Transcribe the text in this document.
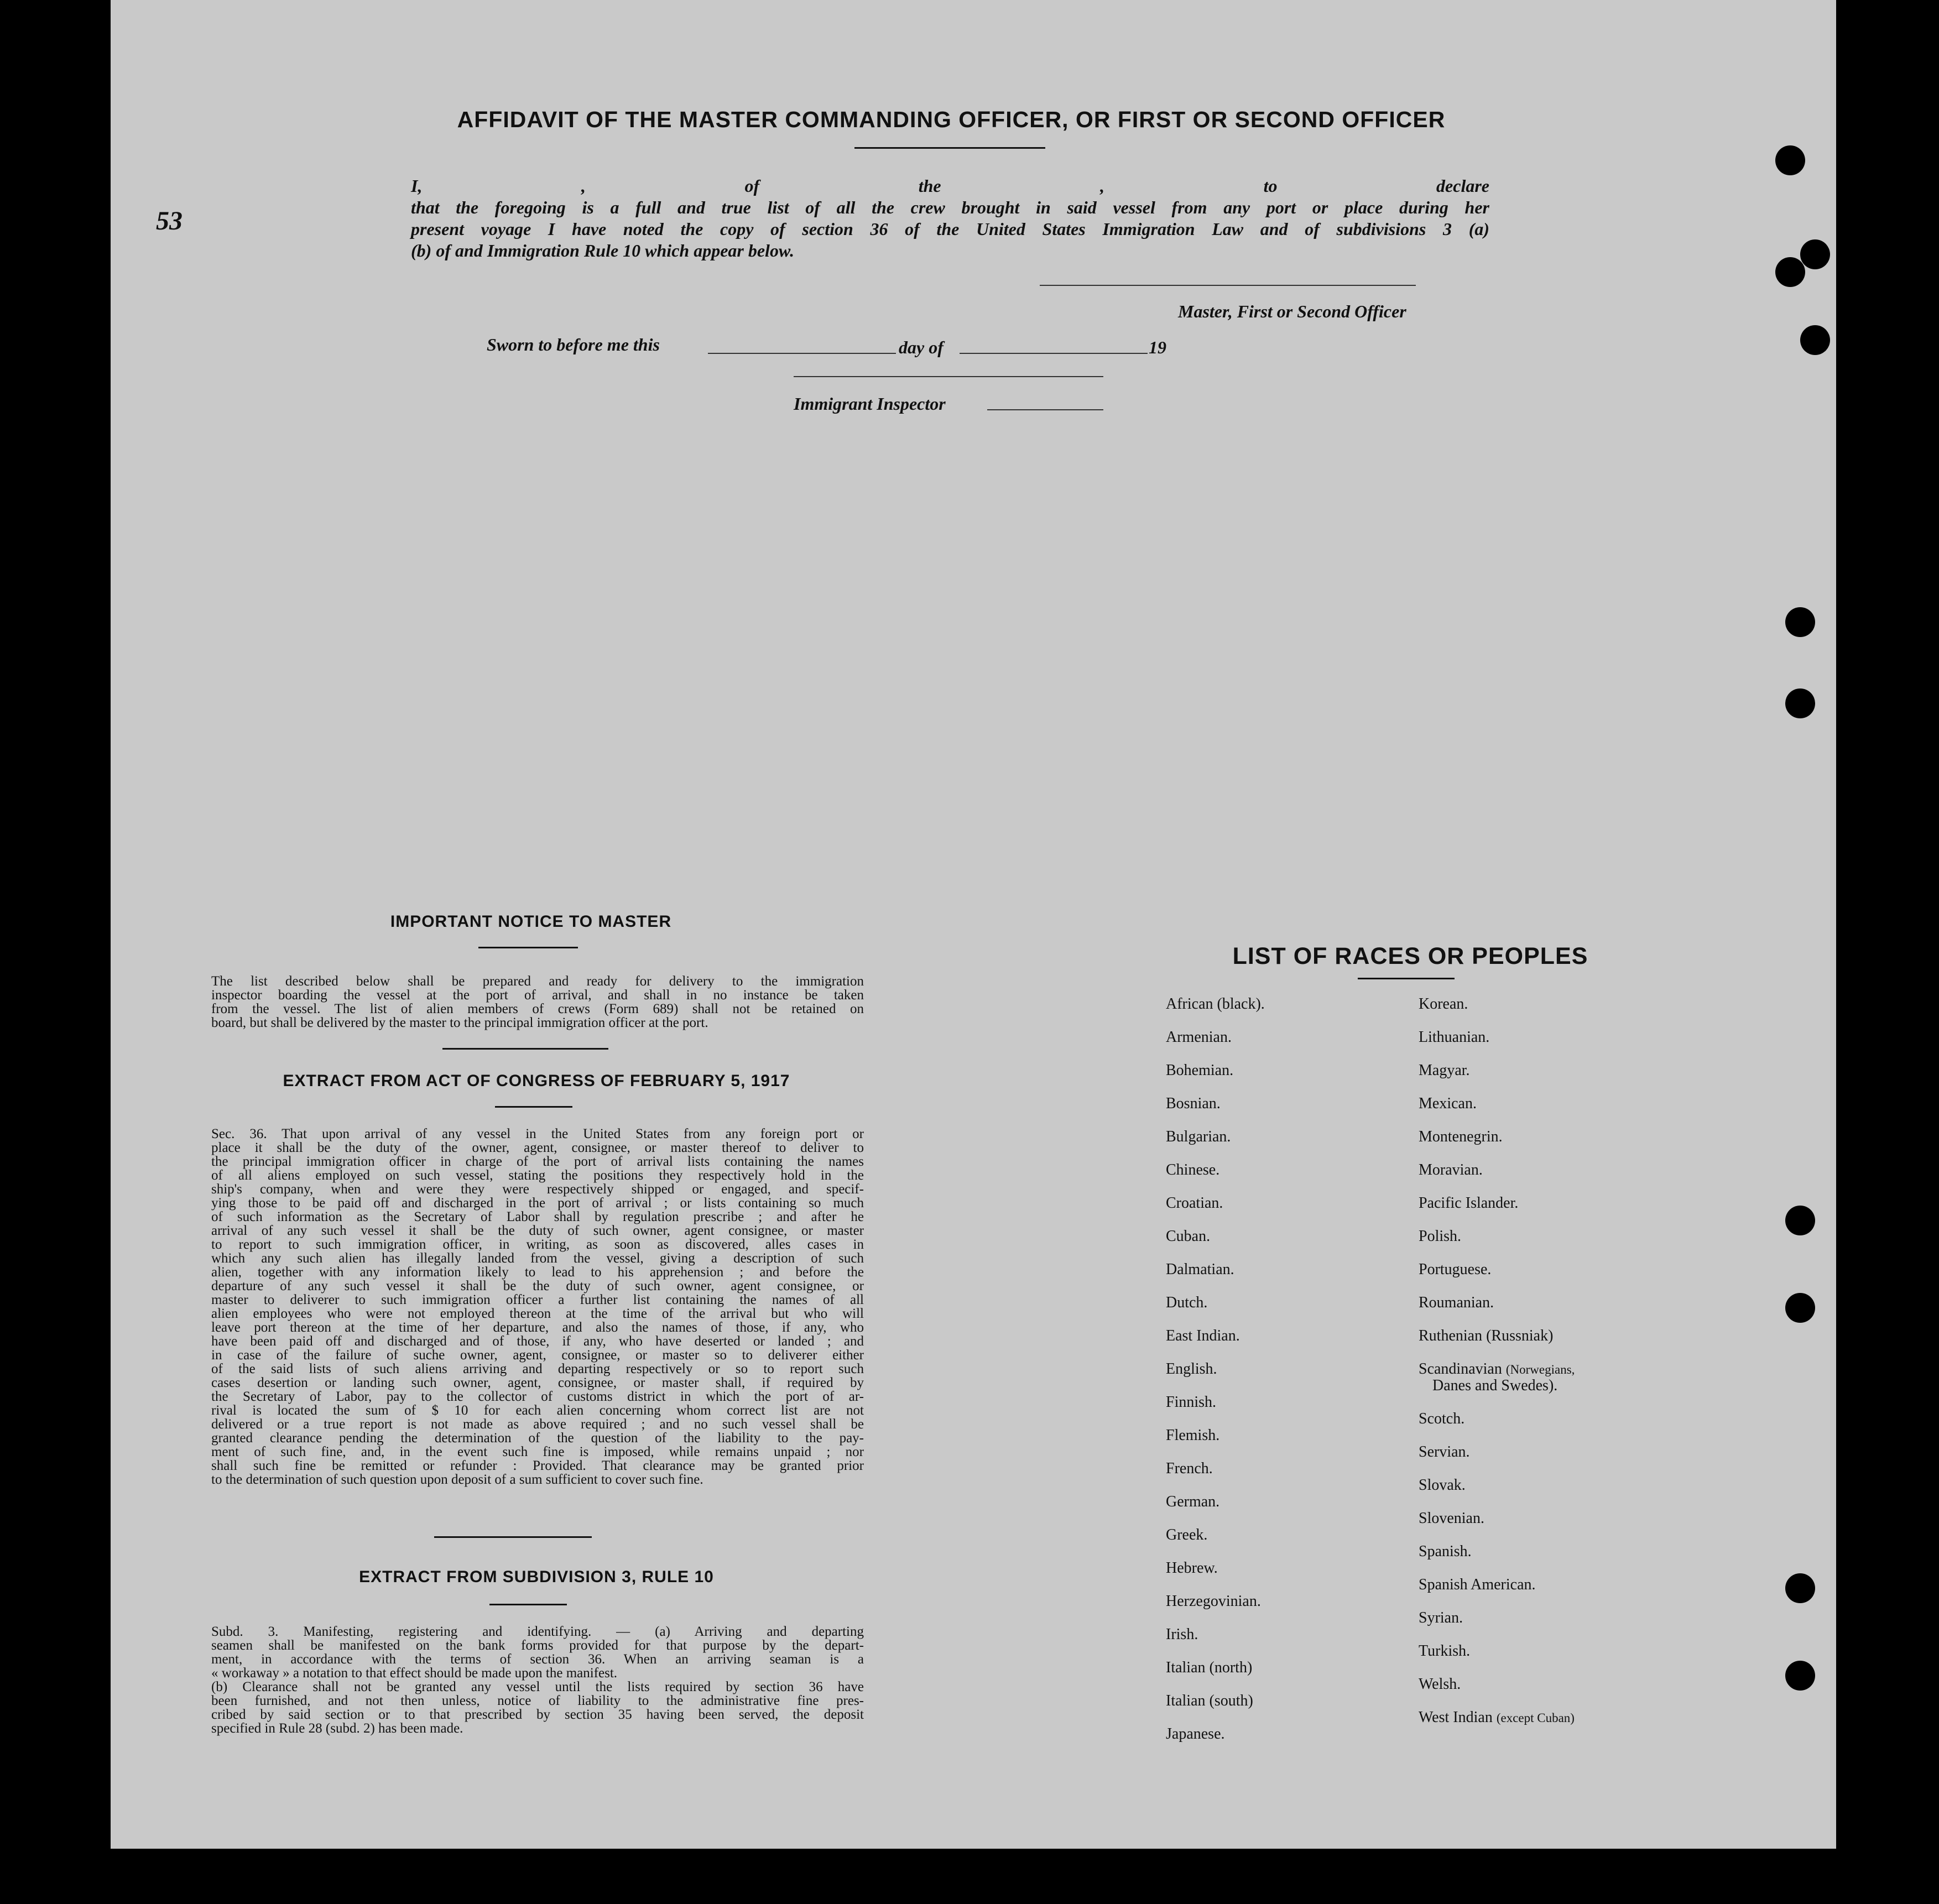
AFFIDAVIT OF THE MASTER COMMANDING OFFICER, OR FIRST OR SECOND OFFICER
53
I, , of the , to declare
that the foregoing is a full and true list of all the crew brought in said vessel from any port or place during her
present voyage I have noted the copy of section 36 of the United States Immigration Law and of subdivisions 3 (a)
(b) of and Immigration Rule 10 which appear below.
Master, First or Second Officer
Sworn to before me this	day of	19
Immigrant Inspector
IMPORTANT NOTICE TO MASTER

The list described below shall be prepared and ready for delivery to the immigration

inspector boarding the vessel at the port of arrival, and shall in no instance be taken

from the vessel. The list of alien members of crews (Form 689) shall not be retained on

board, but shall be delivered by the master to the principal immigration officer at the port.

EXTRACT FROM ACT OF CONGRESS OF FEBRUARY 5, 1917

Sec. 36. That upon arrival of any vessel in the United States from any foreign port or

place it shall be the duty of the owner, agent, consignee, or master thereof to deliver to

the principal immigration officer in charge of the port of arrival lists containing the names

of all aliens employed on such vessel, stating the positions they respectively hold in the

ship's company, when and were they were respectively shipped or engaged, and specif-

ying those to be paid off and discharged in the port of arrival ; or lists containing so much

of such information as the Secretary of Labor shall by regulation prescribe ; and after he

arrival of any such vessel it shall be the duty of such owner, agent consignee, or master

to report to such immigration officer, in writing, as soon as discovered, alles cases in

which any such alien has illegally landed from the vessel, giving a description of such

alien, together with any information likely to lead to his apprehension ; and before the

departure of any such vessel it shall be the duty of such owner, agent consignee, or

master to deliverer to such immigration officer a further list containing the names of all

alien employees who were not employed thereon at the time of the arrival but who will

leave port thereon at the time of her departure, and also the names of those, if any, who

have been paid off and discharged and of those, if any, who have deserted or landed ; and

in case of the failure of suche owner, agent, consignee, or master so to deliverer either

of the said lists of such aliens arriving and departing respectively or so to report such

cases desertion or landing such owner, agent, consignee, or master shall, if required by

the Secretary of Labor, pay to the collector of customs district in which the port of ar-

rival is located the sum of $ 10 for each alien concerning whom correct list are not

delivered or a true report is not made as above required ; and no such vessel shall be

granted clearance pending the determination of the question of the liability to the pay-

ment of such fine, and, in the event such fine is imposed, while remains unpaid ; nor

shall such fine be remitted or refunder : Provided. That clearance may be granted prior

to the determination of such question upon deposit of a sum sufficient to cover such fine.

EXTRACT FROM SUBDIVISION 3, RULE 10

Subd. 3. Manifesting, registering and identifying. — (a) Arriving and departing

seamen shall be manifested on the bank forms provided for that purpose by the depart-

ment, in accordance with the terms of section 36. When an arriving seaman is a

« workaway » a notation to that effect should be made upon the manifest.

(b) Clearance shall not be granted any vessel until the lists required by section 36 have

been furnished, and not then unless, notice of liability to the administrative fine pres-

cribed by said section or to that prescribed by section 35 having been served, the deposit

specified in Rule 28 (subd. 2) has been made.

LIST OF RACES OR PEOPLES
African (black).
Armenian.
Bohemian.
Bosnian.
Bulgarian.
Chinese.
Croatian.
Cuban.
Dalmatian.
Dutch.
East Indian.
English.
Finnish.
Flemish.
French.
German.
Greek.
Hebrew.
Herzegovinian.
Irish.
Italian (north)
Italian (south)
Japanese.
Korean.
Lithuanian.
Magyar.
Mexican.
Montenegrin.
Moravian.
Pacific Islander.
Polish.
Portuguese.
Roumanian.
Ruthenian (Russniak)
Scandinavian (Norwegians,
Danes and Swedes).
Scotch.
Servian.
Slovak.
Slovenian.
Spanish.
Spanish American.
Syrian.
Turkish.
Welsh.
West Indian (except Cuban)
